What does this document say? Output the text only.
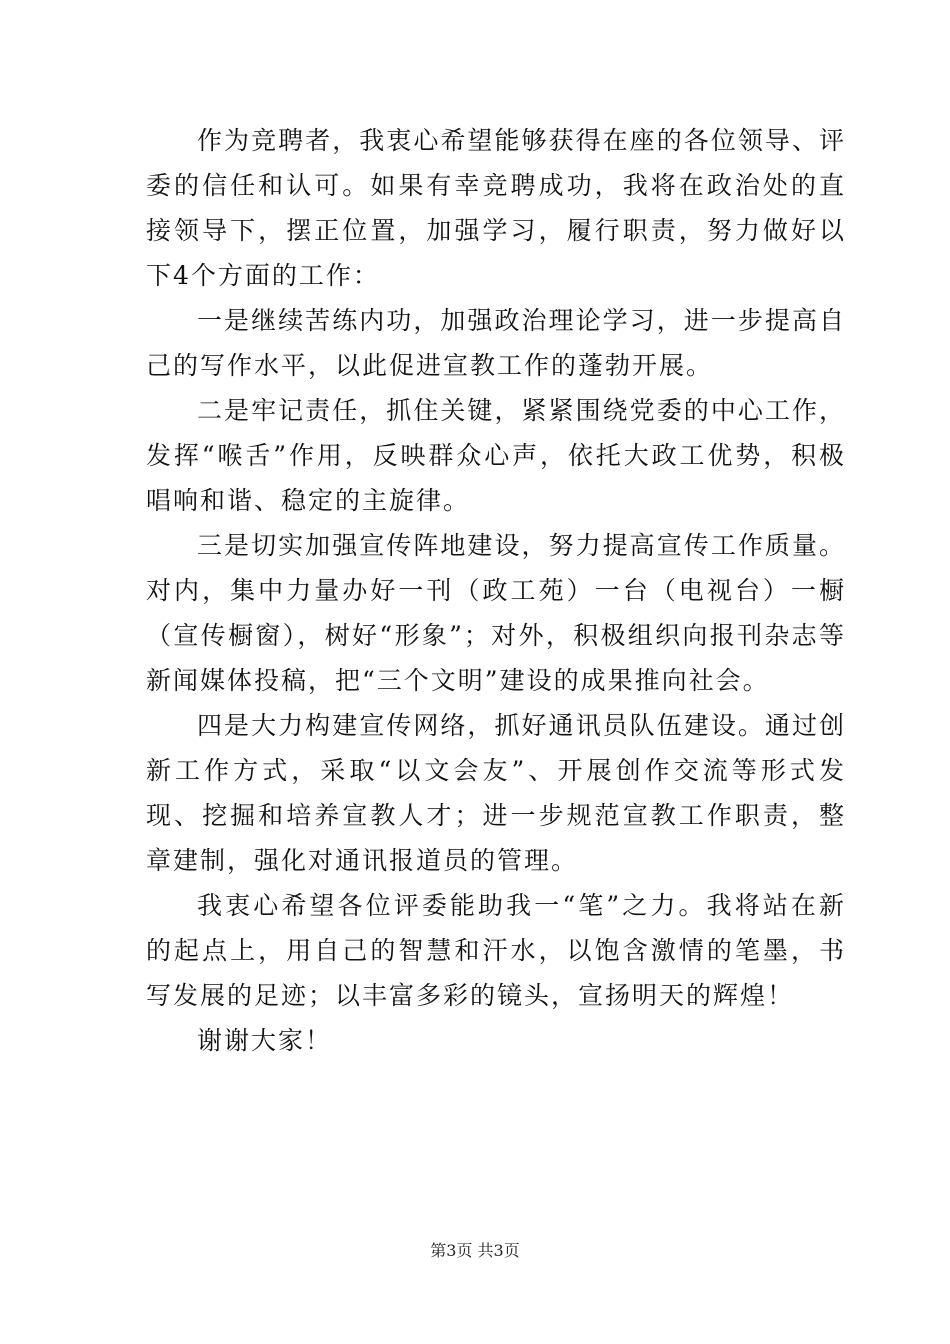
作为竞聘者，我衷心希望能够获得在座的各位领导、评委的信任和认可。如果有幸竞聘成功，我将在政治处的直接领导下，摆正位置，加强学习，履行职责，努力做好以下4个方面的工作：

一是继续苦练内功，加强政治理论学习，进一步提高自己的写作水平，以此促进宣教工作的蓬勃开展。

二是牢记责任，抓住关键，紧紧围绕党委的中心工作，发挥“喉舌”作用，反映群众心声，依托大政工优势，积极唱响和谐、稳定的主旋律。

三是切实加强宣传阵地建设，努力提高宣传工作质量。对内，集中力量办好一刊（政工苑）一台（电视台）一橱（宣传橱窗），树好“形象”；对外，积极组织向报刊杂志等新闻媒体投稿，把“三个文明”建设的成果推向社会。

四是大力构建宣传网络，抓好通讯员队伍建设。通过创新工作方式，采取“以文会友”、开展创作交流等形式发现、挖掘和培养宣教人才；进一步规范宣教工作职责，整章建制，强化对通讯报道员的管理。

我衷心希望各位评委能助我一“笔”之力。我将站在新的起点上，用自己的智慧和汗水，以饱含激情的笔墨，书写发展的足迹；以丰富多彩的镜头，宣扬明天的辉煌！

谢谢大家！

第3页 共3页
